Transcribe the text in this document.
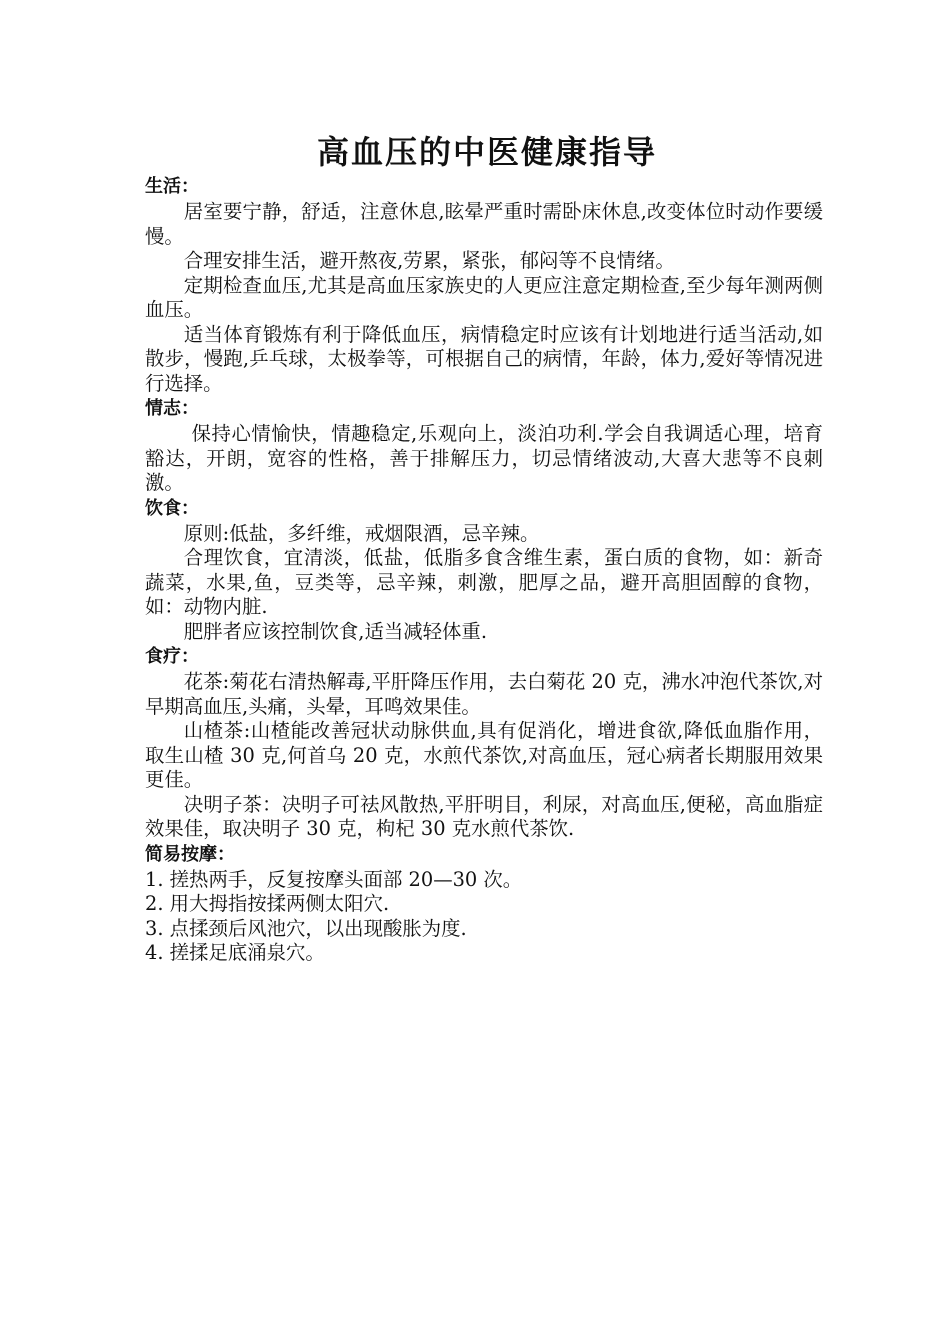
高血压的中医健康指导
生活：

居室要宁静，舒适，注意休息,眩晕严重时需卧床休息,改变体位时动作要缓慢。

合理安排生活，避开熬夜,劳累，紧张，郁闷等不良情绪。

定期检查血压,尤其是高血压家族史的人更应注意定期检查,至少每年测两侧血压。

适当体育锻炼有利于降低血压，病情稳定时应该有计划地进行适当活动,如散步，慢跑,乒乓球，太极拳等，可根据自己的病情，年龄，体力,爱好等情况进行选择。

情志：

保持心情愉快，情趣稳定,乐观向上，淡泊功利.学会自我调适心理，培育豁达，开朗，宽容的性格，善于排解压力，切忌情绪波动,大喜大悲等不良刺激。

饮食：

原则:低盐，多纤维，戒烟限酒，忌辛辣。

合理饮食，宜清淡，低盐，低脂多食含维生素，蛋白质的食物，如：新奇蔬菜，水果,鱼，豆类等，忌辛辣，刺激，肥厚之品，避开高胆固醇的食物，如：动物内脏.

肥胖者应该控制饮食,适当减轻体重.

食疗：

花茶:菊花右清热解毒,平肝降压作用，去白菊花 20 克，沸水冲泡代茶饮,对早期高血压,头痛，头晕，耳鸣效果佳。

山楂茶:山楂能改善冠状动脉供血,具有促消化，增进食欲,降低血脂作用，取生山楂 30 克,何首乌 20 克，水煎代茶饮,对高血压，冠心病者长期服用效果更佳。

决明子茶：决明子可祛风散热,平肝明目，利尿，对高血压,便秘，高血脂症效果佳，取决明子 30 克，枸杞 30 克水煎代茶饮.

简易按摩：

1. 搓热两手，反复按摩头面部 20—30 次。

2. 用大拇指按揉两侧太阳穴.

3. 点揉颈后风池穴，以出现酸胀为度.

4. 搓揉足底涌泉穴。
